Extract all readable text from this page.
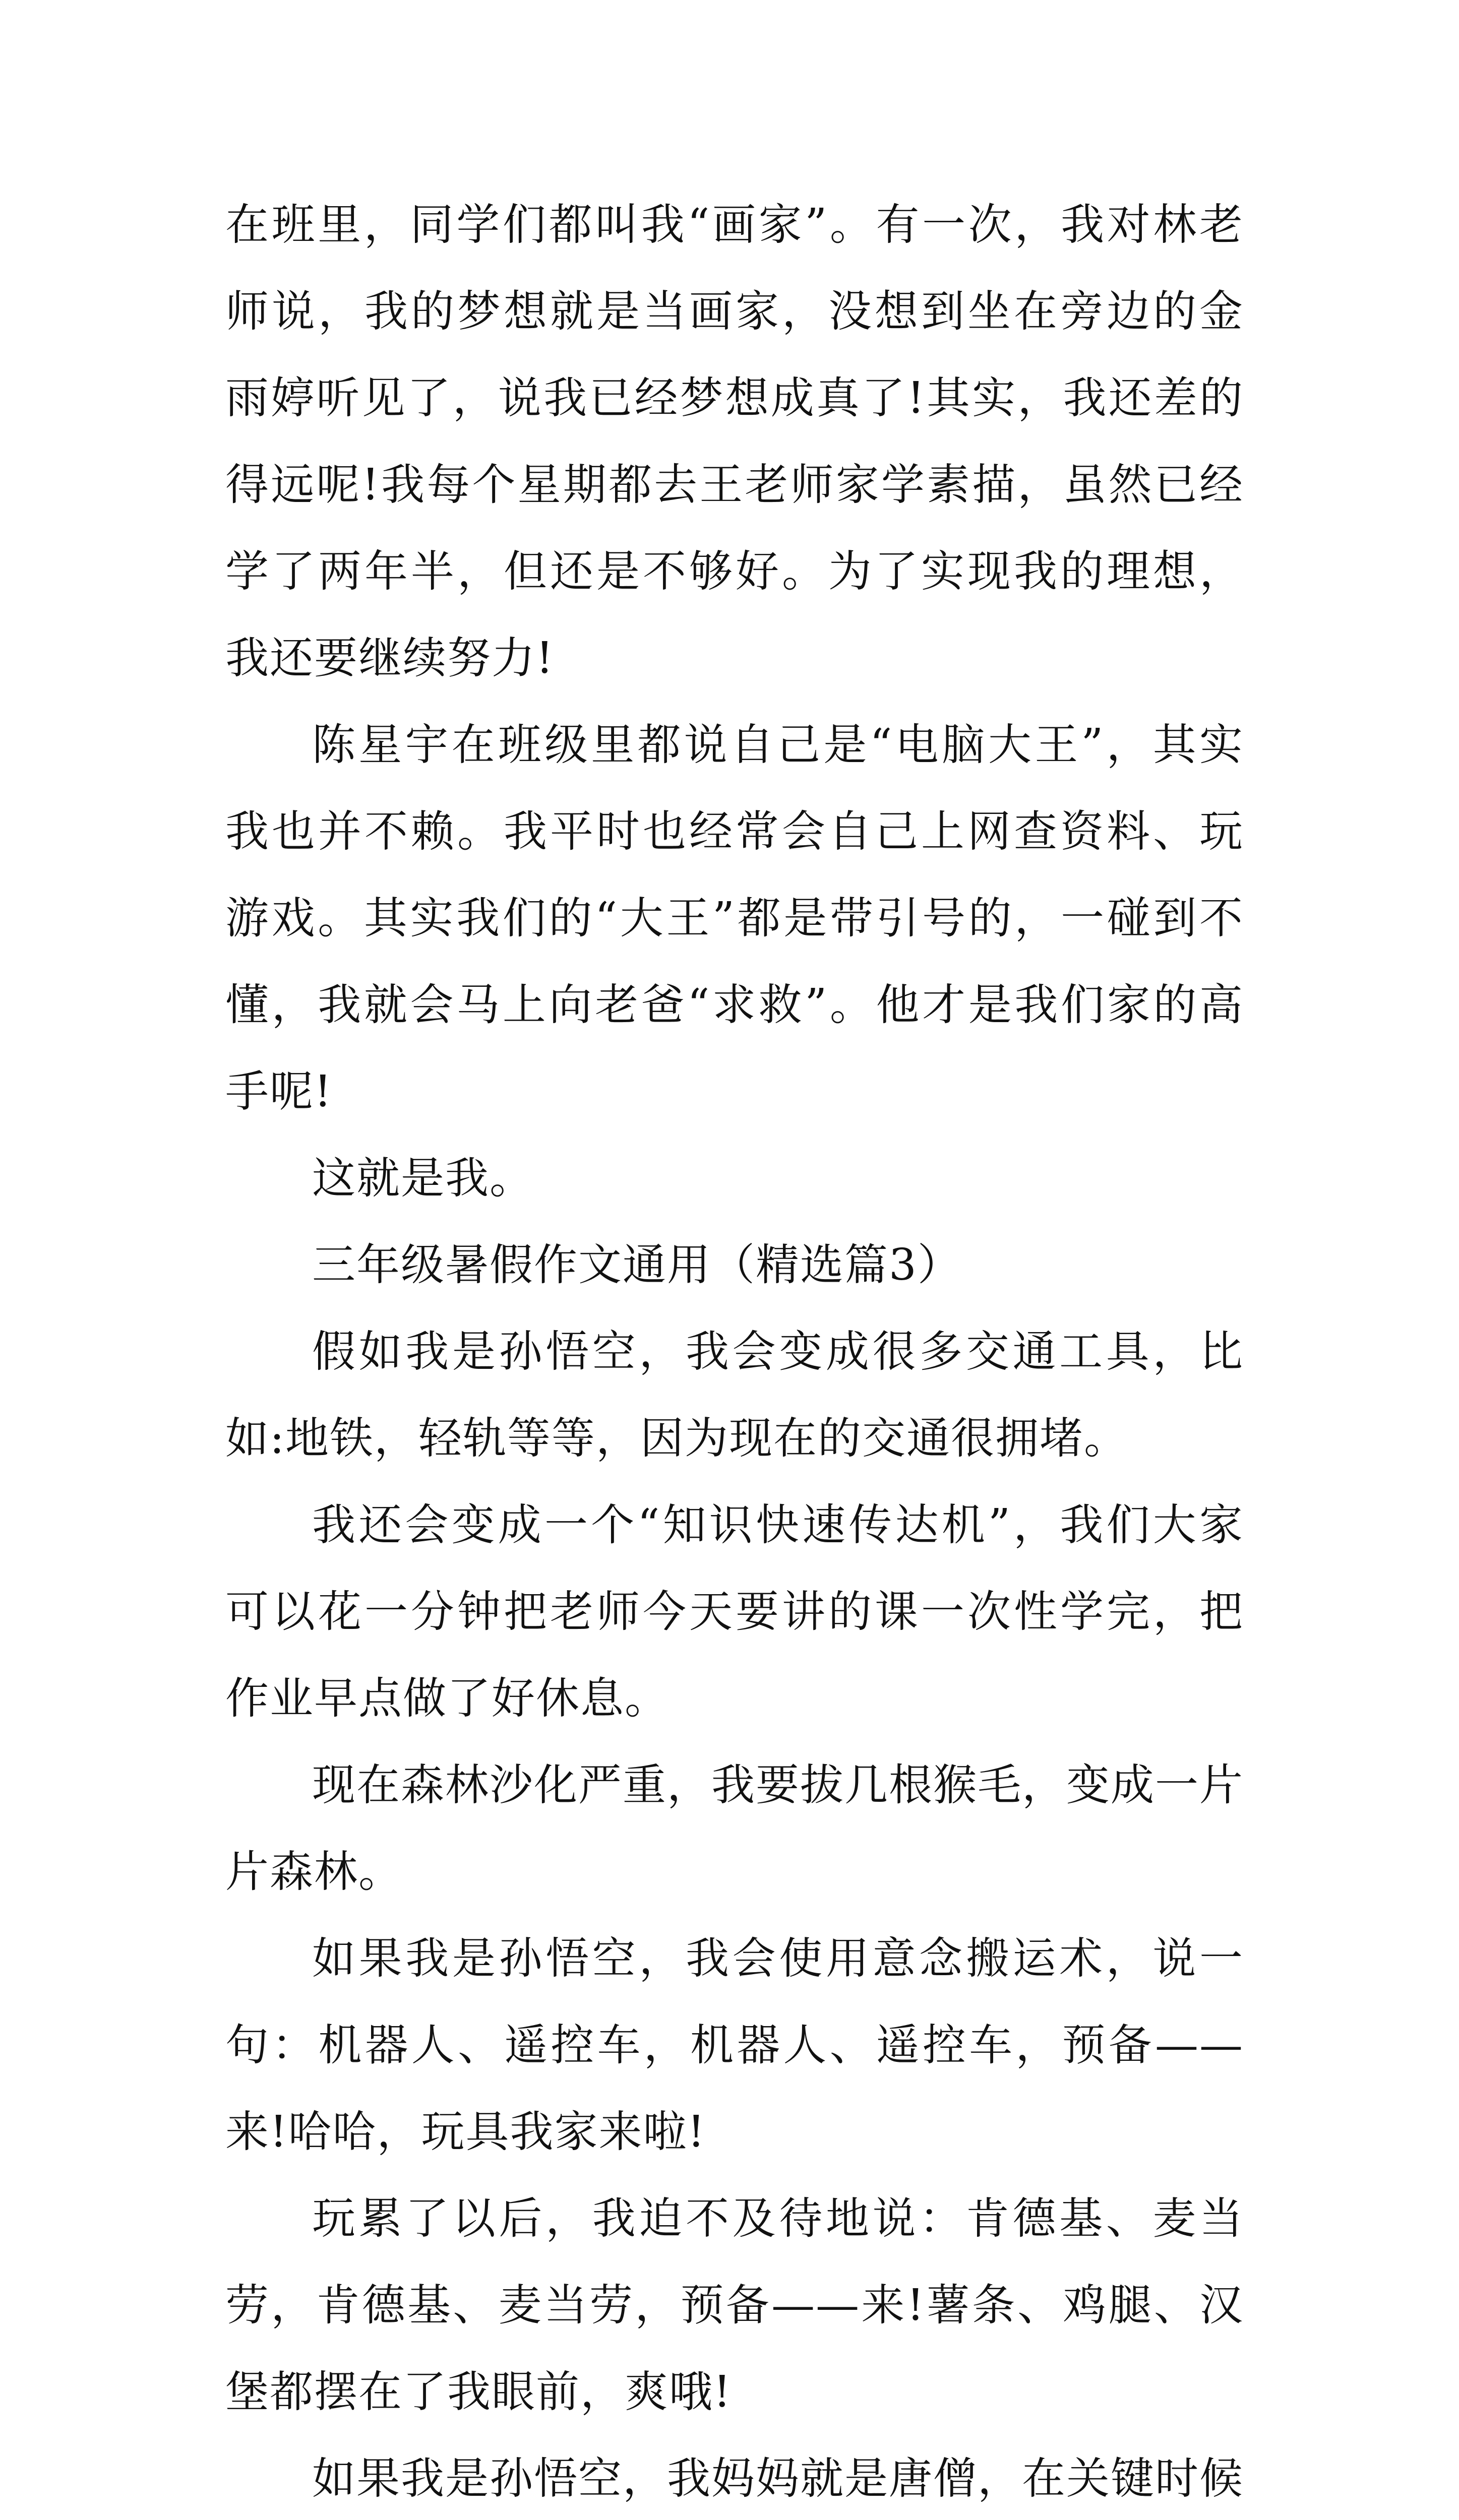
在班里，同学们都叫我“画家”。有一次，我对林老师说，我的梦想就是当画家，没想到坐在旁边的金雨婷听见了，说我已经梦想成真了!其实，我还差的得远呢!我每个星期都去王老师家学素描，虽然已经学了两年半，但还是不够好。为了实现我的理想，我还要继续努力!

陈星宇在班级里都说自己是“电脑大王”，其实我也并不赖。我平时也经常会自己上网查资料、玩游戏。其实我们的“大王”都是带引号的，一碰到不懂，我就会马上向老爸“求救”。他才是我们家的高手呢!

这就是我。

三年级暑假作文通用（精选篇3）

假如我是孙悟空，我会变成很多交通工具，比如:地铁，轻轨等等，因为现在的交通很拥堵。

我还会变成一个“知识快速传达机”，我们大家可以花一分钟把老师今天要讲的课一次性学完，把作业早点做了好休息。

现在森林沙化严重，我要拔几根猴毛，变成一片片森林。

如果我是孙悟空，我会使用意念搬运术，说一句：机器人、遥控车，机器人、遥控车，预备——来!哈哈，玩具我家来啦!

玩累了以后，我迫不及待地说：肯德基、麦当劳，肯德基、麦当劳，预备——来!薯条、鸡腿、汉堡都摆在了我眼前，爽哦!

如果我是孙悟空，我妈妈就是唐僧，在关键时候
